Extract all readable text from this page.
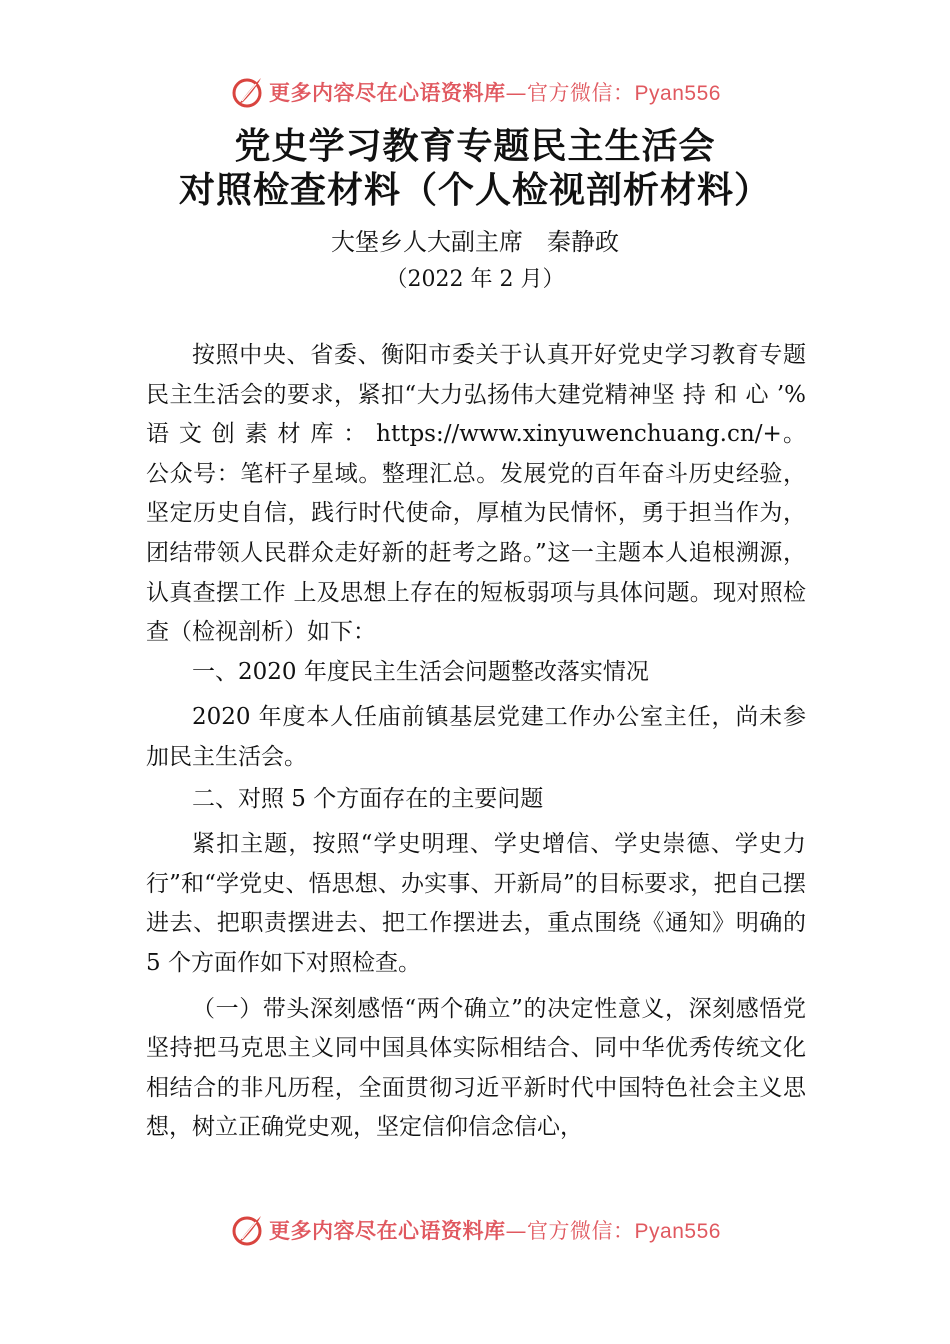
更多内容尽在心语资料库—官方微信：Pyan556
党史学习教育专题民主生活会
对照检查材料（个人检视剖析材料）
大堡乡人大副主席　秦静政
（2022 年 2 月）

按照中央、省委、衡阳市委关于认真开好党史学习教育专题民主生活会的要求，紧扣“大力弘扬伟大建党精神坚 持 和 心 ’% 语 文 创 素 材 库 ： https://www.xinyuwenchuang.cn/+。公众号：笔杆子星域。整理汇总。发展党的百年奋斗历史经验，坚定历史自信，践行时代使命，厚植为民情怀，勇于担当作为，团结带领人民群众走好新的赶考之路。”这一主题本人追根溯源，认真查摆工作 上及思想上存在的短板弱项与具体问题。现对照检查（检视剖析）如下：

一、2020 年度民主生活会问题整改落实情况

2020 年度本人任庙前镇基层党建工作办公室主任，尚未参加民主生活会。

二、对照 5 个方面存在的主要问题

紧扣主题，按照“学史明理、学史增信、学史崇德、学史力行”和“学党史、悟思想、办实事、开新局”的目标要求，把自己摆进去、把职责摆进去、把工作摆进去，重点围绕《通知》明确的 5 个方面作如下对照检查。

（一）带头深刻感悟“两个确立”的决定性意义，深刻感悟党坚持把马克思主义同中国具体实际相结合、同中华优秀传统文化相结合的非凡历程，全面贯彻习近平新时代中国特色社会主义思想，树立正确党史观，坚定信仰信念信心，

更多内容尽在心语资料库—官方微信：Pyan556
